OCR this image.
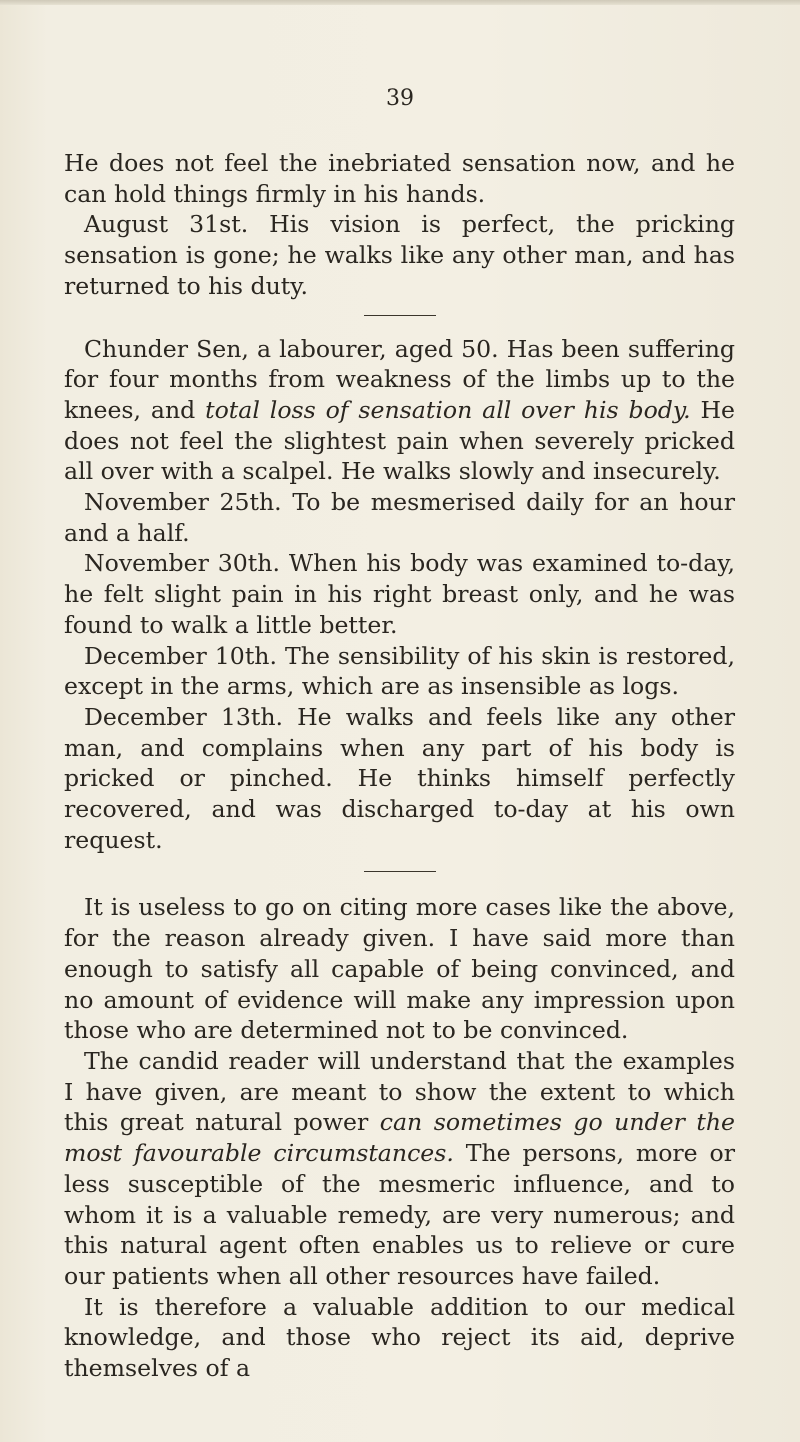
39

He does not feel the inebriated sensation now, and he can hold things firmly in his hands.

August 31st. His vision is perfect, the pricking sensation is gone; he walks like any other man, and has returned to his duty.

Chunder Sen, a labourer, aged 50. Has been suffering for four months from weakness of the limbs up to the knees, and total loss of sensation all over his body. He does not feel the slightest pain when severely pricked all over with a scalpel. He walks slowly and insecurely.

November 25th. To be mesmerised daily for an hour and a half.

November 30th. When his body was examined to-day, he felt slight pain in his right breast only, and he was found to walk a little better.

December 10th. The sensibility of his skin is restored, except in the arms, which are as insensible as logs.

December 13th. He walks and feels like any other man, and complains when any part of his body is pricked or pinched. He thinks himself perfectly recovered, and was discharged to-day at his own request.

It is useless to go on citing more cases like the above, for the reason already given. I have said more than enough to satisfy all capable of being convinced, and no amount of evidence will make any impression upon those who are determined not to be convinced.

The candid reader will understand that the examples I have given, are meant to show the extent to which this great natural power can sometimes go under the most favourable circumstances. The persons, more or less susceptible of the mesmeric influence, and to whom it is a valuable remedy, are very numerous; and this natural agent often enables us to relieve or cure our patients when all other resources have failed.

It is therefore a valuable addition to our medical knowledge, and those who reject its aid, deprive themselves of a
